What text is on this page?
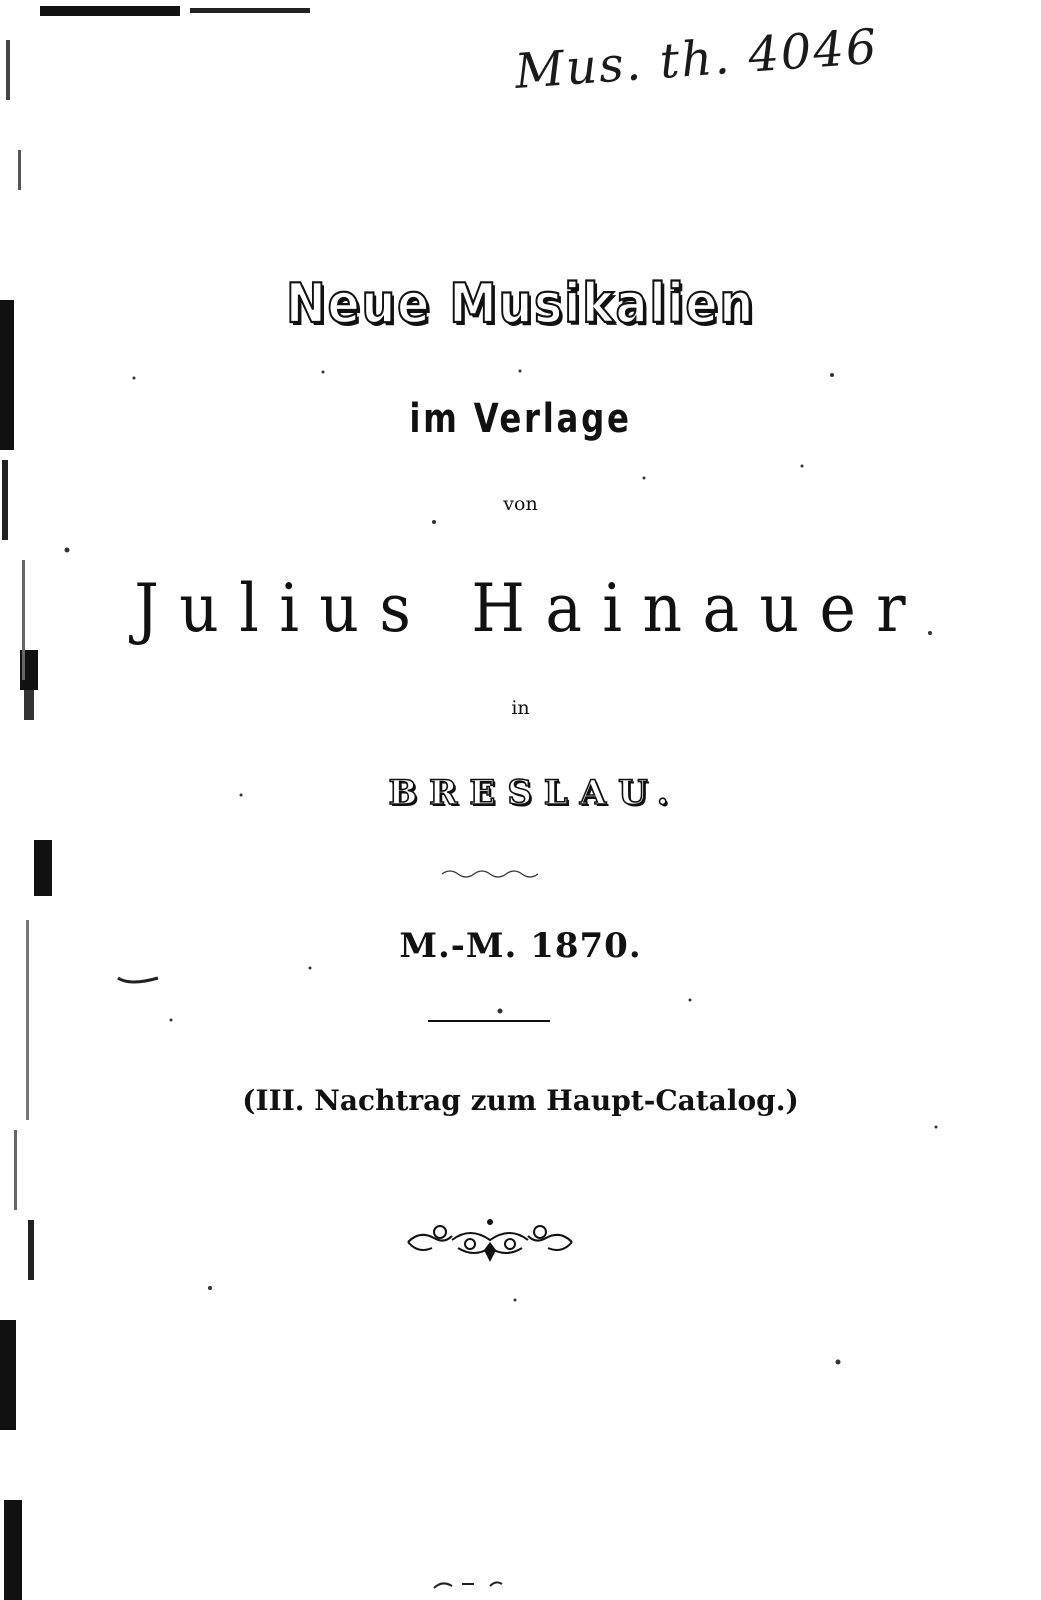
Mus. th. 4046
Neue Musikalien
im Verlage
von
Julius Hainauer
in
BRESLAU.
M.-M. 1870.
(III. Nachtrag zum Haupt-Catalog.)
